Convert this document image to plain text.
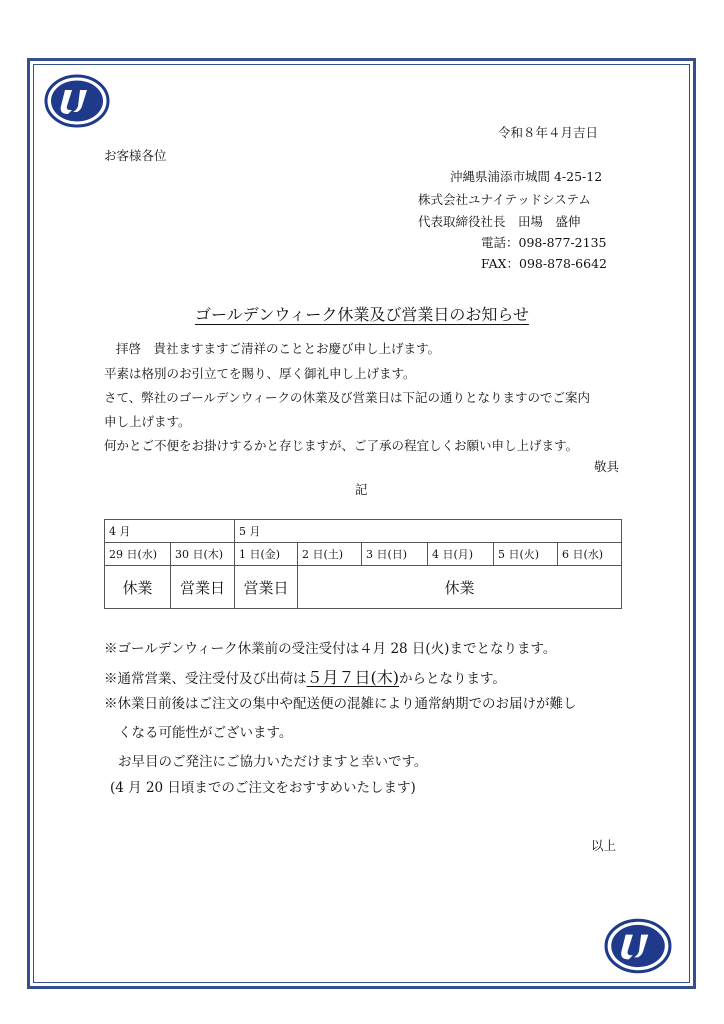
令和８年４月吉日
お客様各位
沖縄県浦添市城間 4-25-12
株式会社ユナイテッドシステム
代表取締役社長　田場　盛伸
電話：098-877-2135
FAX：098-878-6642
ゴールデンウィーク休業及び営業日のお知らせ
拝啓　貴社ますますご清祥のこととお慶び申し上げます。
平素は格別のお引立てを賜り、厚く御礼申し上げます。
さて、弊社のゴールデンウィークの休業及び営業日は下記の通りとなりますのでご案内
申し上げます。
何かとご不便をお掛けするかと存じますが、ご了承の程宜しくお願い申し上げます。
敬具
記
4 月		5 月					
29 日(水)	30 日(木)	1 日(金)	2 日(土)	3 日(日)	4 日(月)	5 日(火)	6 日(水)
休業	営業日	営業日	休業				
※ゴールデンウィーク休業前の受注受付は４月 28 日(火)までとなります。
※通常営業、受注受付及び出荷は５月７日(木)からとなります。
※休業日前後はご注文の集中や配送便の混雑により通常納期でのお届けが難し
くなる可能性がございます。
お早目のご発注にご協力いただけますと幸いです。
(4 月 20 日頃までのご注文をおすすめいたします)
以上
